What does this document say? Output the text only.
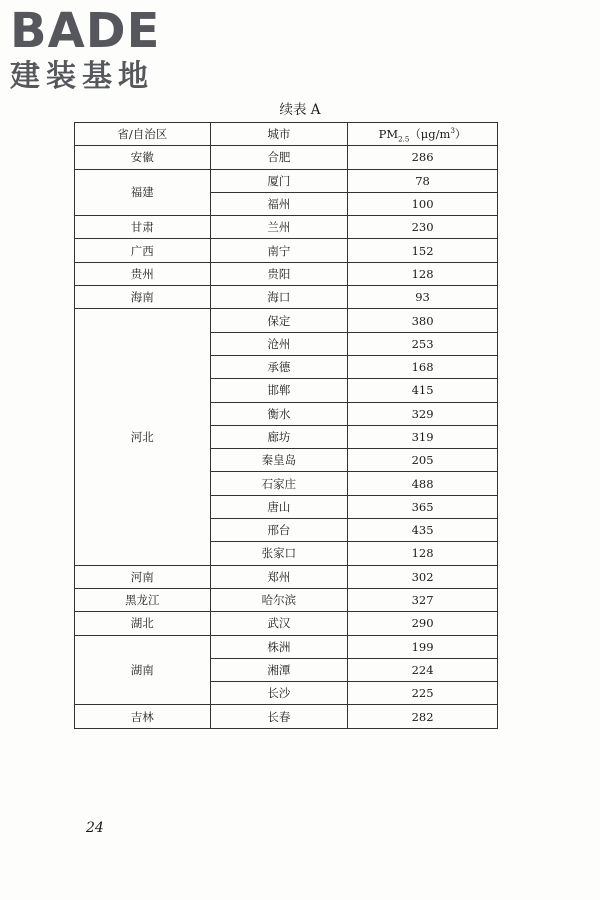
BADE
建装基地
续表 A
省/自治区	城市	$PM_{2.5}(\mu g/m^3)$
安徽	合肥	286
福建	厦门	78
	福州	100
甘肃	兰州	230
广西	南宁	152
贵州	贵阳	128
海南	海口	93
河北	保定	380
	沧州	253
	承德	168
	邯郸	415
	衡水	329
	廊坊	319
	秦皇岛	205
	石家庄	488
	唐山	365
	邢台	435
	张家口	128
河南	郑州	302
黑龙江	哈尔滨	327
湖北	武汉	290
湖南	株洲	199
	湘潭	224
	长沙	225
吉林	长春	282
24
